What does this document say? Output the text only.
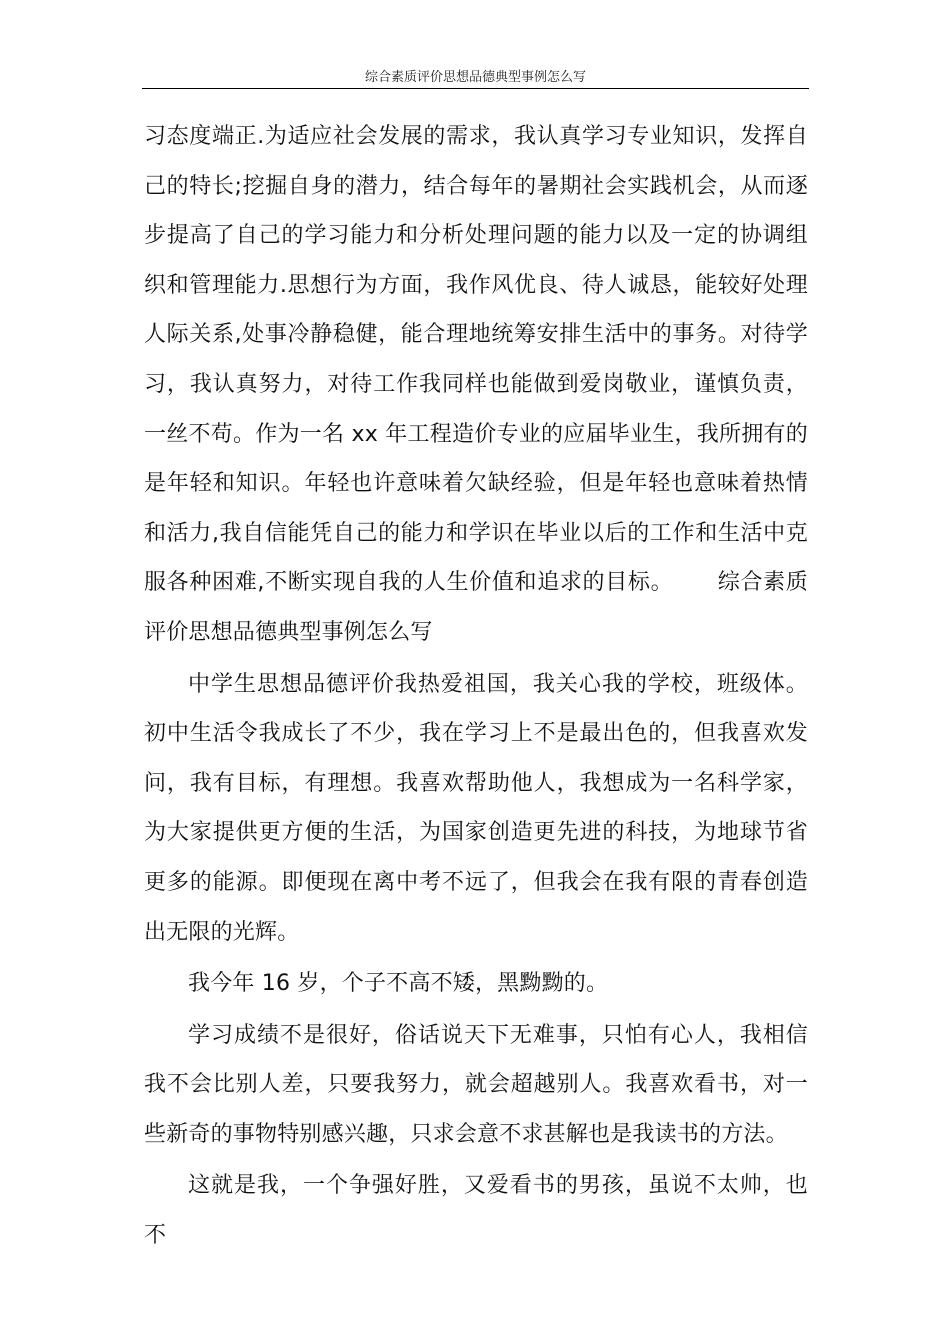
综合素质评价思想品德典型事例怎么写

习态度端正.为适应社会发展的需求，我认真学习专业知识，发挥自己的特长;挖掘自身的潜力，结合每年的暑期社会实践机会，从而逐步提高了自己的学习能力和分析处理问题的能力以及一定的协调组织和管理能力.思想行为方面，我作风优良、待人诚恳，能较好处理人际关系,处事冷静稳健，能合理地统筹安排生活中的事务。对待学习，我认真努力，对待工作我同样也能做到爱岗敬业，谨慎负责，一丝不苟。作为一名 xx 年工程造价专业的应届毕业生，我所拥有的是年轻和知识。年轻也许意味着欠缺经验，但是年轻也意味着热情和活力,我自信能凭自己的能力和学识在毕业以后的工作和生活中克服各种困难,不断实现自我的人生价值和追求的目标。 综合素质评价思想品德典型事例怎么写

中学生思想品德评价我热爱祖国，我关心我的学校，班级体。初中生活令我成长了不少，我在学习上不是最出色的，但我喜欢发问，我有目标，有理想。我喜欢帮助他人，我想成为一名科学家，为大家提供更方便的生活，为国家创造更先进的科技，为地球节省更多的能源。即便现在离中考不远了，但我会在我有限的青春创造出无限的光辉。

我今年 16 岁，个子不高不矮，黑黝黝的。

学习成绩不是很好，俗话说天下无难事，只怕有心人，我相信我不会比别人差，只要我努力，就会超越别人。我喜欢看书，对一些新奇的事物特别感兴趣，只求会意不求甚解也是我读书的方法。

这就是我，一个争强好胜，又爱看书的男孩，虽说不太帅，也不
